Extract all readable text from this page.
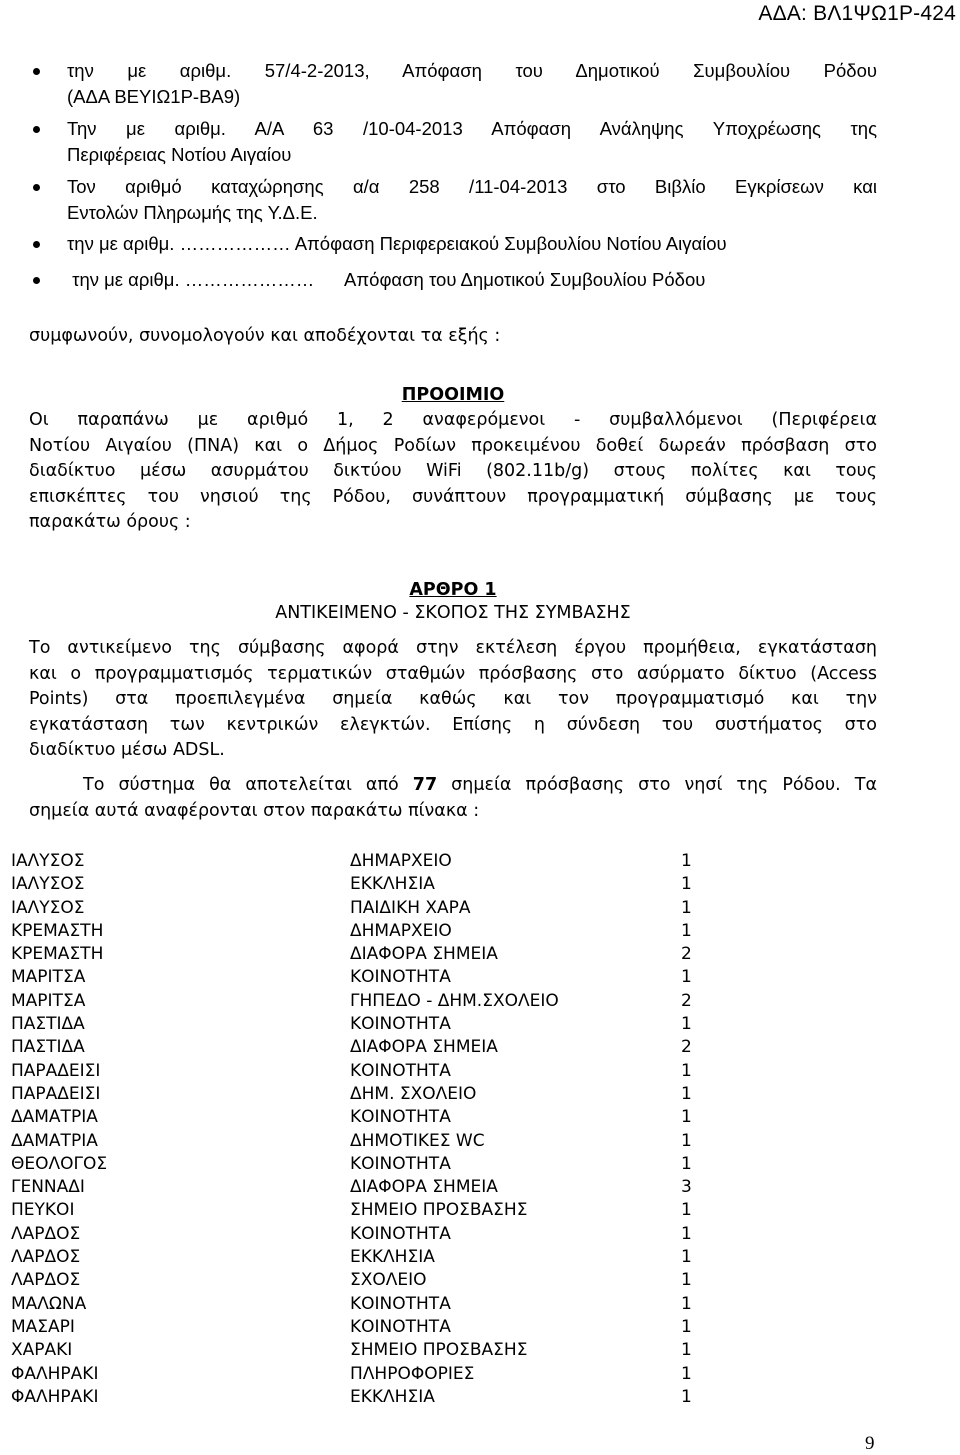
ΑΔΑ: ΒΛ1ΨΩ1Ρ-424
την με αριθμ. 57/4-2-2013, Απόφαση του Δημοτικού Συμβουλίου Ρόδου
(ΑΔΑ ΒΕΥΙΩ1Ρ-ΒΑ9)
Την με αριθμ. Α/Α 63 /10-04-2013 Απόφαση Ανάληψης Υποχρέωσης της
Περιφέρειας Νοτίου Αιγαίου
Τον αριθμό καταχώρησης α/α 258 /11-04-2013 στο Βιβλίο Εγκρίσεων και
Εντολών Πληρωμής της Υ.Δ.Ε.
την με αριθμ. ……………… Απόφαση Περιφερειακού Συμβουλίου Νοτίου Αιγαίου
την με αριθμ. …………………      Απόφαση του Δημοτικού Συμβουλίου Ρόδου
συμφωνούν, συνομολογούν και αποδέχονται τα εξής :
ΠΡΟΟΙΜΙΟ
Οι παραπάνω με αριθμό 1, 2 αναφερόμενοι - συμβαλλόμενοι (Περιφέρεια
Νοτίου Αιγαίου (ΠΝΑ) και ο Δήμος Ροδίων προκειμένου δοθεί δωρεάν πρόσβαση στο
διαδίκτυο μέσω ασυρμάτου δικτύου WiFi (802.11b/g) στους πολίτες και τους
επισκέπτες του νησιού της Ρόδου, συνάπτουν προγραμματική σύμβασης με τους
παρακάτω όρους :
ΑΡΘΡΟ 1
ΑΝΤΙΚΕΙΜΕΝΟ - ΣΚΟΠΟΣ ΤΗΣ ΣΥΜΒΑΣΗΣ
Το αντικείμενο της σύμβασης αφορά στην εκτέλεση έργου προμήθεια, εγκατάσταση
και ο προγραμματισμός τερματικών σταθμών πρόσβασης στο ασύρματο δίκτυο (Access
Points) στα προεπιλεγμένα σημεία καθώς και τον προγραμματισμό και την
εγκατάσταση των κεντρικών ελεγκτών. Επίσης η σύνδεση του συστήματος στο
διαδίκτυο μέσω ADSL.
Το σύστημα θα αποτελείται από 77 σημεία πρόσβασης στο νησί της Ρόδου. Τα
σημεία αυτά αναφέρονται στον παρακάτω πίνακα :
ΙΑΛΥΣΟΣ	ΔΗΜΑΡΧΕΙΟ	1
ΙΑΛΥΣΟΣ	ΕΚΚΛΗΣΙΑ	1
ΙΑΛΥΣΟΣ	ΠΑΙΔΙΚΗ ΧΑΡΑ	1
ΚΡΕΜΑΣΤΗ	ΔΗΜΑΡΧΕΙΟ	1
ΚΡΕΜΑΣΤΗ	ΔΙΑΦΟΡΑ ΣΗΜΕΙΑ	2
ΜΑΡΙΤΣΑ	ΚΟΙΝΟΤΗΤΑ	1
ΜΑΡΙΤΣΑ	ΓΗΠΕΔΟ - ΔΗΜ.ΣΧΟΛΕΙΟ	2
ΠΑΣΤΙΔΑ	ΚΟΙΝΟΤΗΤΑ	1
ΠΑΣΤΙΔΑ	ΔΙΑΦΟΡΑ ΣΗΜΕΙΑ	2
ΠΑΡΑΔΕΙΣΙ	ΚΟΙΝΟΤΗΤΑ	1
ΠΑΡΑΔΕΙΣΙ	ΔΗΜ. ΣΧΟΛΕΙΟ	1
ΔΑΜΑΤΡΙΑ	ΚΟΙΝΟΤΗΤΑ	1
ΔΑΜΑΤΡΙΑ	ΔΗΜΟΤΙΚΕΣ WC	1
ΘΕΟΛΟΓΟΣ	ΚΟΙΝΟΤΗΤΑ	1
ΓΕΝΝΑΔΙ	ΔΙΑΦΟΡΑ ΣΗΜΕΙΑ	3
ΠΕΥΚΟΙ	ΣΗΜΕΙΟ ΠΡΟΣΒΑΣΗΣ	1
ΛΑΡΔΟΣ	ΚΟΙΝΟΤΗΤΑ	1
ΛΑΡΔΟΣ	ΕΚΚΛΗΣΙΑ	1
ΛΑΡΔΟΣ	ΣΧΟΛΕΙΟ	1
ΜΑΛΩΝΑ	ΚΟΙΝΟΤΗΤΑ	1
ΜΑΣΑΡΙ	ΚΟΙΝΟΤΗΤΑ	1
ΧΑΡΑΚΙ	ΣΗΜΕΙΟ ΠΡΟΣΒΑΣΗΣ	1
ΦΑΛΗΡΑΚΙ	ΠΛΗΡΟΦΟΡΙΕΣ	1
ΦΑΛΗΡΑΚΙ	ΕΚΚΛΗΣΙΑ	1
9
